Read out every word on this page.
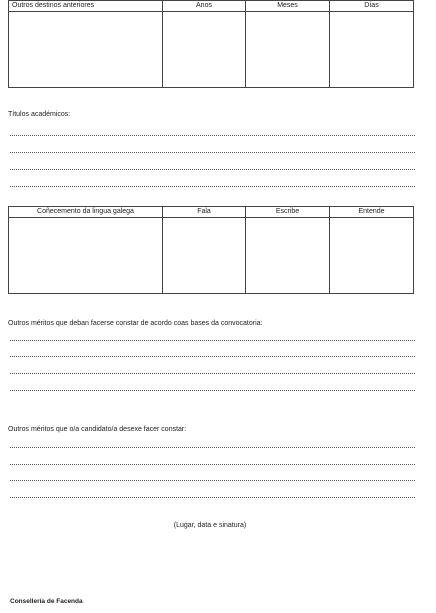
Outros destinos anteriores	Anos	Meses	Días

Títulos académicos:
Coñecemento da lingua galega	Fala	Escribe	Entende

Outros méritos que deban facerse constar de acordo coas bases da convocatoria:
Outros méritos que o/a candidato/a desexe facer constar:
(Lugar, data e sinatura)
Consellería de Facenda
